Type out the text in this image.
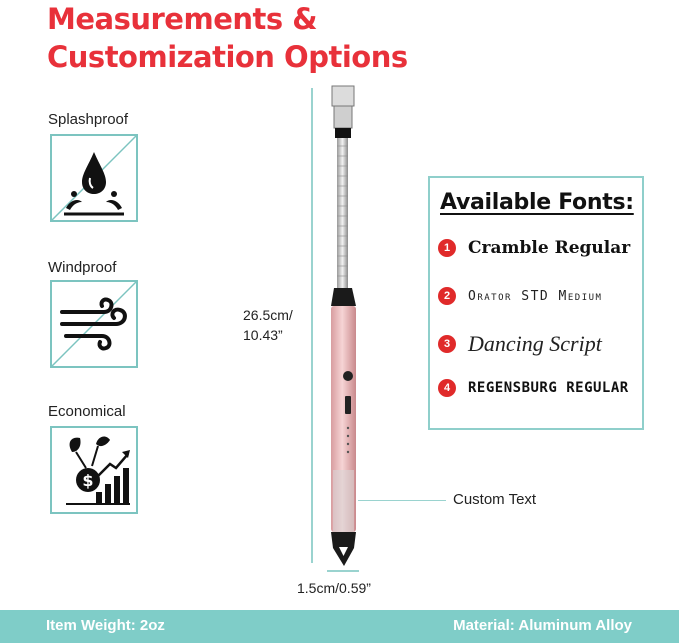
Measurements &
Customization Options
Splashproof
Windproof
Economical
$
26.5cm/
10.43”
1.5cm/0.59”
Custom Text
Available Fonts:
1	Cramble Regular
2	Orator STD Medium
3 Dancing Script
4	REGENSBURG REGULAR
Item Weight: 2oz	Material: Aluminum Alloy
